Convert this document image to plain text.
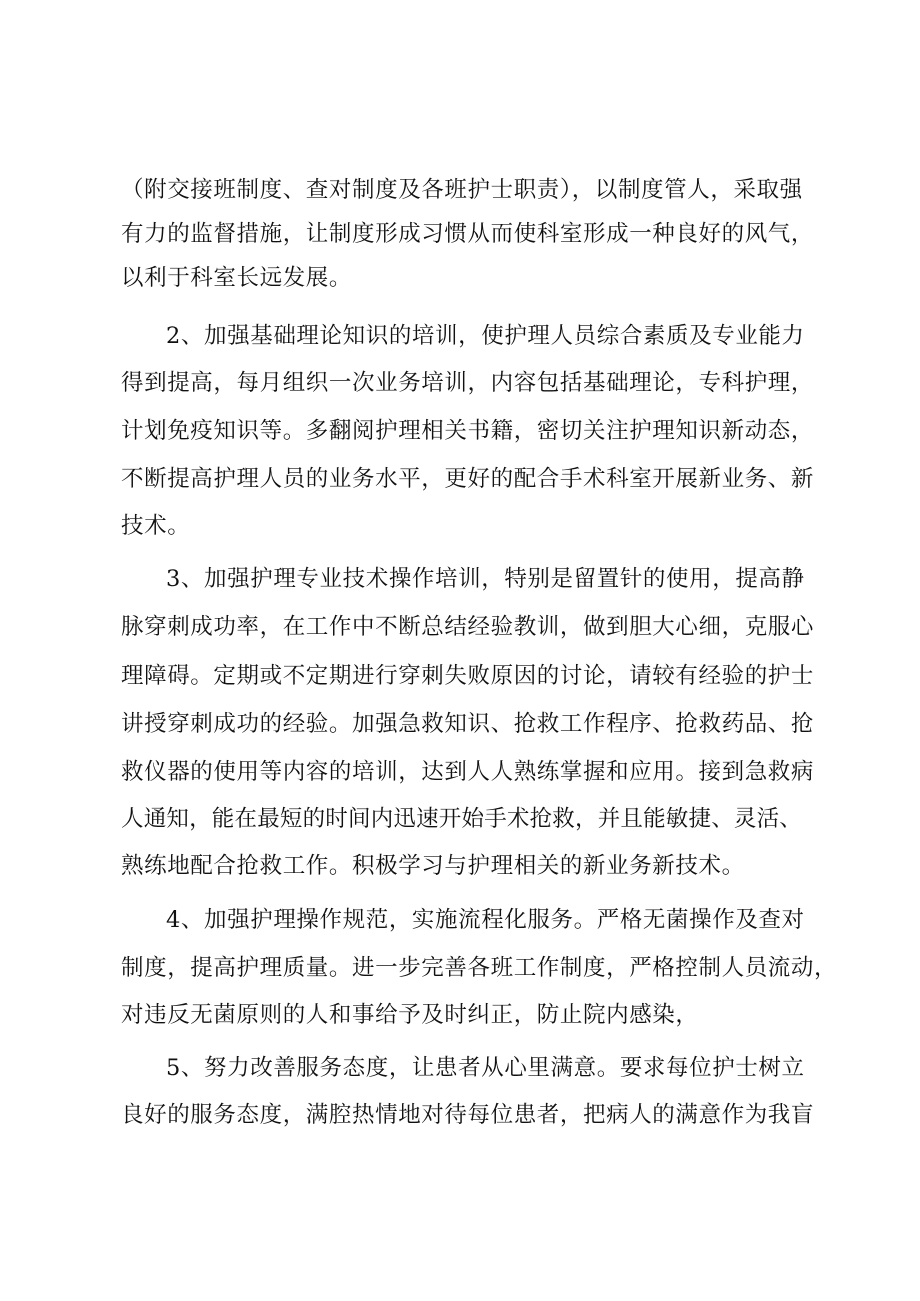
（附交接班制度、查对制度及各班护士职责），以制度管人，采取强
有力的监督措施，让制度形成习惯从而使科室形成一种良好的风气，
以利于科室长远发展。
2、加强基础理论知识的培训，使护理人员综合素质及专业能力
得到提高，每月组织一次业务培训，内容包括基础理论，专科护理，
计划免疫知识等。多翻阅护理相关书籍，密切关注护理知识新动态，
不断提高护理人员的业务水平，更好的配合手术科室开展新业务、新
技术。
3、加强护理专业技术操作培训，特别是留置针的使用，提高静
脉穿刺成功率，在工作中不断总结经验教训，做到胆大心细，克服心
理障碍。定期或不定期进行穿刺失败原因的讨论，请较有经验的护士
讲授穿刺成功的经验。加强急救知识、抢救工作程序、抢救药品、抢
救仪器的使用等内容的培训，达到人人熟练掌握和应用。接到急救病
人通知，能在最短的时间内迅速开始手术抢救，并且能敏捷、灵活、
熟练地配合抢救工作。积极学习与护理相关的新业务新技术。
4、加强护理操作规范，实施流程化服务。严格无菌操作及查对
制度，提高护理质量。进一步完善各班工作制度，严格控制人员流动，
对违反无菌原则的人和事给予及时纠正，防止院内感染，
5、努力改善服务态度，让患者从心里满意。要求每位护士树立
良好的服务态度，满腔热情地对待每位患者，把病人的满意作为我盲
